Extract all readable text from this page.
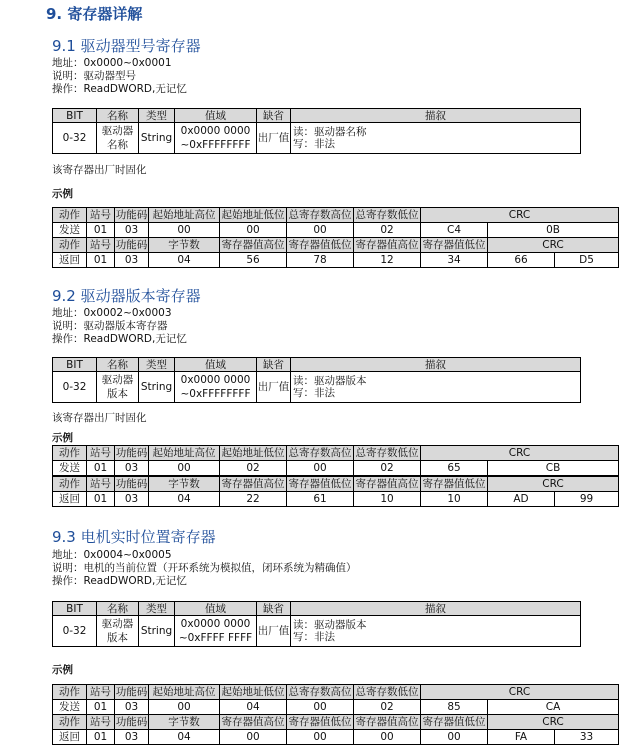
9. 寄存器详解
9.1 驱动器型号寄存器
地址：0x0000~0x0001
说明：驱动器型号
操作：ReadDWORD,无记忆
BIT	名称	类型	值域	缺省	描叙
0-32	驱动器名称	String	0x0000 0000 ~0xFFFFFFFF	出厂值	读：驱动器名称
写：非法
该寄存器出厂时固化
示例
动作	站号	功能码	起始地址高位	起始地址低位	总寄存数高位	总寄存数低位	CRC	
发送	01	03	00	00	00	02	C4	0B
动作	站号	功能码	字节数	寄存器值高位	寄存器值低位	寄存器值高位	寄存器值低位	CRC	
返回	01	03	04	56	78	12	34	66	D5
9.2 驱动器版本寄存器
地址：0x0002~0x0003
说明：驱动器版本寄存器
操作：ReadDWORD,无记忆
BIT	名称	类型	值域	缺省	描叙
0-32	驱动器版本	String	0x0000 0000 ~0xFFFFFFFF	出厂值	读：驱动器版本
写：非法
该寄存器出厂时固化
示例
动作	站号	功能码	起始地址高位	起始地址低位	总寄存数高位	总寄存数低位	CRC	
发送	01	03	00	02	00	02	65	CB
动作	站号	功能码	字节数	寄存器值高位	寄存器值低位	寄存器值高位	寄存器值低位	CRC	
返回	01	03	04	22	61	10	10	AD	99
9.3 电机实时位置寄存器
地址：0x0004~0x0005
说明：电机的当前位置（开环系统为模拟值，闭环系统为精确值）
操作：ReadDWORD,无记忆
BIT	名称	类型	值域	缺省	描叙
0-32	驱动器版本	String	0x0000 0000 ~0xFFFF FFFF	出厂值	读：驱动器版本
写：非法
示例
动作	站号	功能码	起始地址高位	起始地址低位	总寄存数高位	总寄存数低位	CRC	
发送	01	03	00	04	00	02	85	CA
动作	站号	功能码	字节数	寄存器值高位	寄存器值低位	寄存器值高位	寄存器值低位	CRC	
返回	01	03	04	00	00	00	00	FA	33
